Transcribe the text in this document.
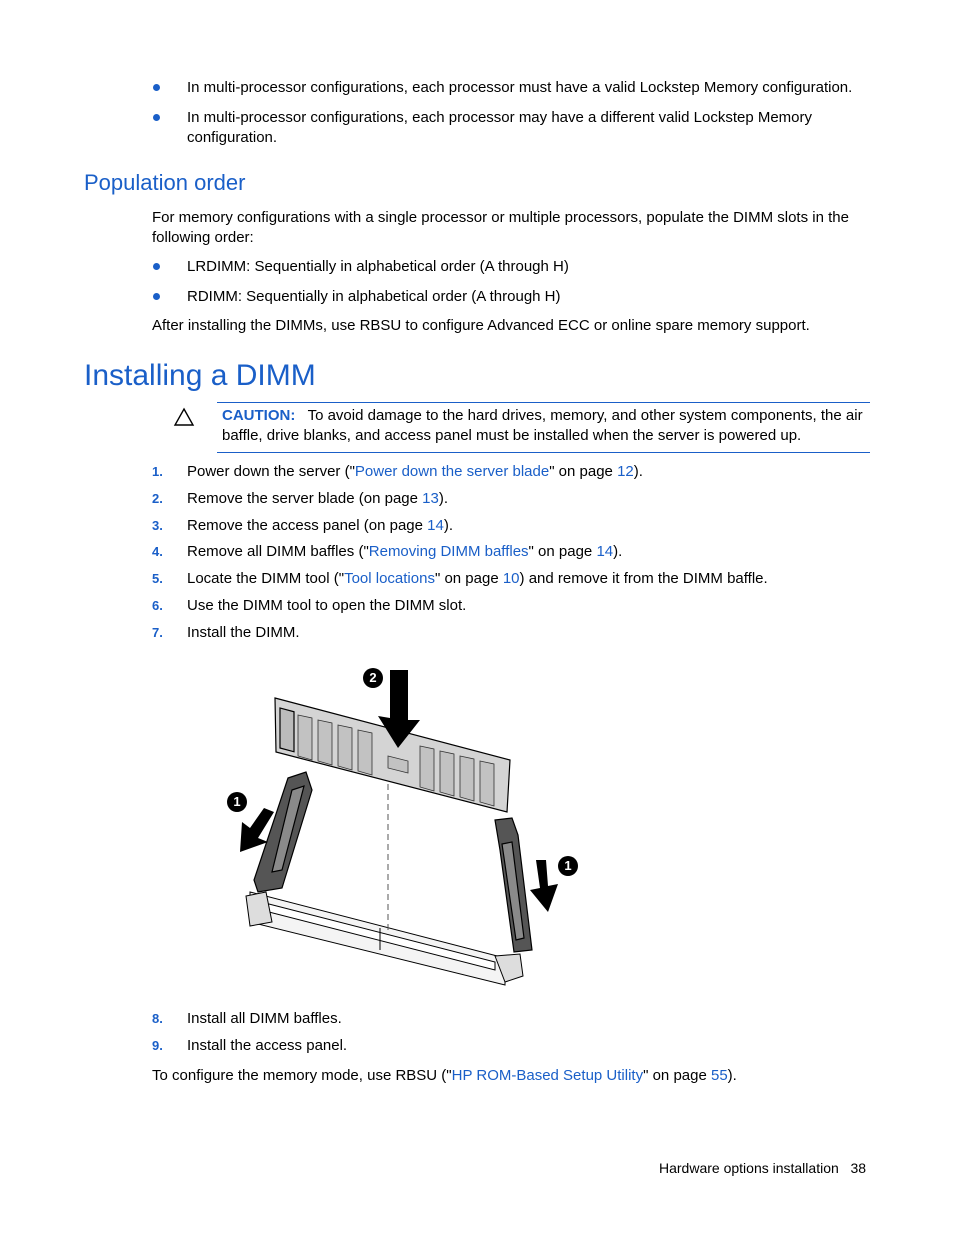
In multi-processor configurations, each processor must have a valid Lockstep Memory configuration.
In multi-processor configurations, each processor may have a different valid Lockstep Memory
configuration.
Population order
For memory configurations with a single processor or multiple processors, populate the DIMM slots in the
following order:
LRDIMM: Sequentially in alphabetical order (A through H)
RDIMM: Sequentially in alphabetical order (A through H)
After installing the DIMMs, use RBSU to configure Advanced ECC or online spare memory support.
Installing a DIMM
CAUTION: To avoid damage to the hard drives, memory, and other system components, the air
baffle, drive blanks, and access panel must be installed when the server is powered up.
1. Power down the server ("Power down the server blade" on page 12).
2. Remove the server blade (on page 13).
3. Remove the access panel (on page 14).
4. Remove all DIMM baffles ("Removing DIMM baffles" on page 14).
5. Locate the DIMM tool ("Tool locations" on page 10) and remove it from the DIMM baffle.
6. Use the DIMM tool to open the DIMM slot.
7. Install the DIMM.
2
1
1
8. Install all DIMM baffles.
9. Install the access panel.
To configure the memory mode, use RBSU ("HP ROM-Based Setup Utility" on page 55).
Hardware options installation 38
